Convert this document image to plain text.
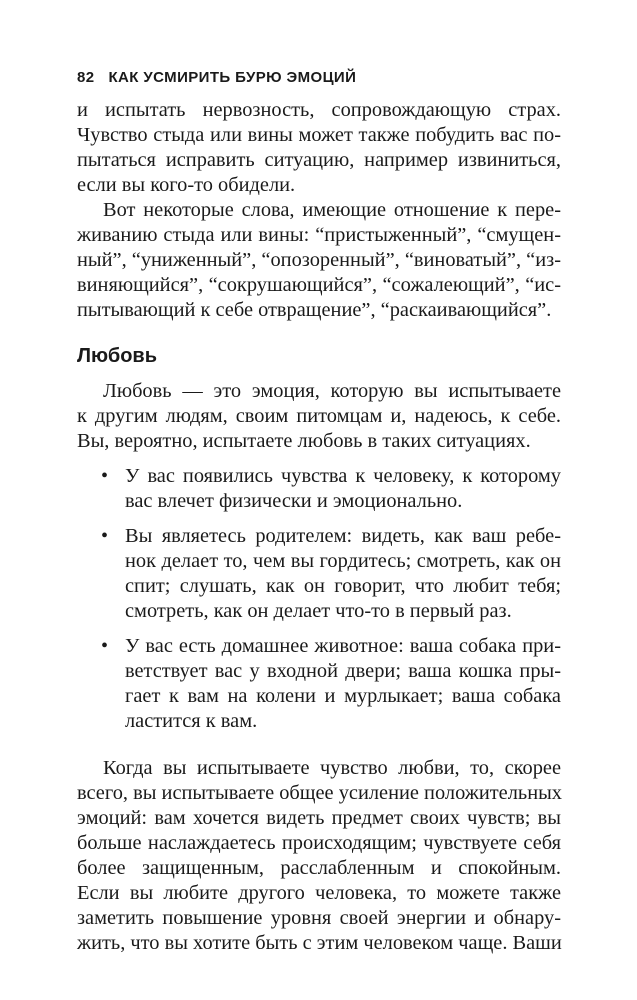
82 КАК УСМИРИТЬ БУРЮ ЭМОЦИЙ
и испытать нервозность, сопровождающую страх.
Чувство стыда или вины может также побудить вас по-
пытаться исправить ситуацию, например извиниться,
если вы кого-то обидели.
Вот некоторые слова, имеющие отношение к пере-
живанию стыда или вины: “пристыженный”, “смущен-
ный”, “униженный”, “опозоренный”, “виноватый”, “из-
виняющийся”, “сокрушающийся”, “сожалеющий”, “ис-
пытывающий к себе отвращение”, “раскаивающийся”.
Любовь
Любовь — это эмоция, которую вы испытываете
к другим людям, своим питомцам и, надеюсь, к себе.
Вы, вероятно, испытаете любовь в таких ситуациях.
• У вас появились чувства к человеку, к которому
вас влечет физически и эмоционально.
• Вы являетесь родителем: видеть, как ваш ребе-
нок делает то, чем вы гордитесь; смотреть, как он
спит; слушать, как он говорит, что любит тебя;
смотреть, как он делает что-то в первый раз.
• У вас есть домашнее животное: ваша собака при-
ветствует вас у входной двери; ваша кошка пры-
гает к вам на колени и мурлыкает; ваша собака
ластится к вам.
Когда вы испытываете чувство любви, то, скорее
всего, вы испытываете общее усиление положительных
эмоций: вам хочется видеть предмет своих чувств; вы
больше наслаждаетесь происходящим; чувствуете себя
более защищенным, расслабленным и спокойным.
Если вы любите другого человека, то можете также
заметить повышение уровня своей энергии и обнару-
жить, что вы хотите быть с этим человеком чаще. Ваши
